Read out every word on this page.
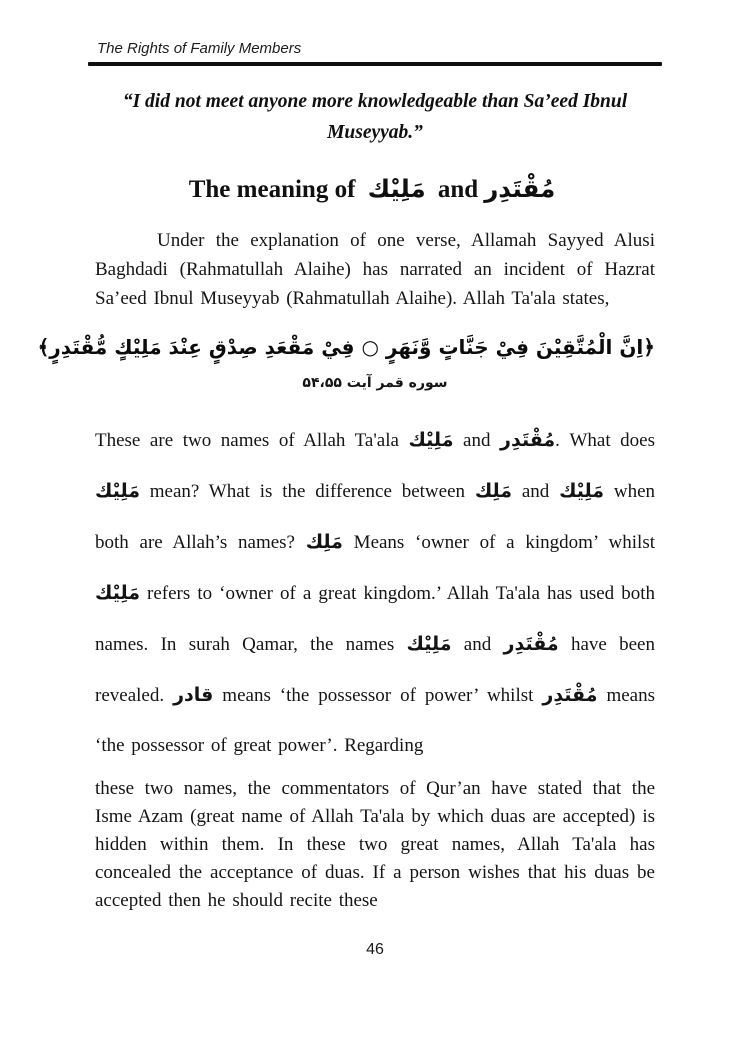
The Rights of Family Members
“I did not meet anyone more knowledgeable than Sa’eed Ibnul Museyyab.”
The meaning of مَلِيْك and مُقْتَدِر
Under the explanation of one verse, Allamah Sayyed Alusi Baghdadi (Rahmatullah Alaihe) has narrated an incident of Hazrat Sa’eed Ibnul Museyyab (Rahmatullah Alaihe). Allah Ta'ala states,
﴿اِنَّ الْمُتَّقِيْنَ فِيْ جَنَّاتٍ وَّنَهَرٍ ○ فِيْ مَقْعَدِ صِدْقٍ عِنْدَ مَلِيْكٍ مُّقْتَدِرٍ﴾
سوره قمر آیت ۵۴،۵۵
These are two names of Allah Ta'ala مَلِيْك and مُقْتَدِر. What does مَلِيْك mean? What is the difference between مَلِك and مَلِيْك when both are Allah’s names? مَلِك Means ‘owner of a kingdom’ whilst مَلِيْك refers to ‘owner of a great kingdom.’ Allah Ta'ala has used both names. In surah Qamar, the names مَلِيْك and مُقْتَدِر have been revealed. قادر means ‘the possessor of power’ whilst مُقْتَدِر means ‘the possessor of great power’. Regarding
these two names, the commentators of Qur’an have stated that the Isme Azam (great name of Allah Ta'ala by which duas are accepted) is hidden within them. In these two great names, Allah Ta'ala has concealed the acceptance of duas. If a person wishes that his duas be accepted then he should recite these
46
